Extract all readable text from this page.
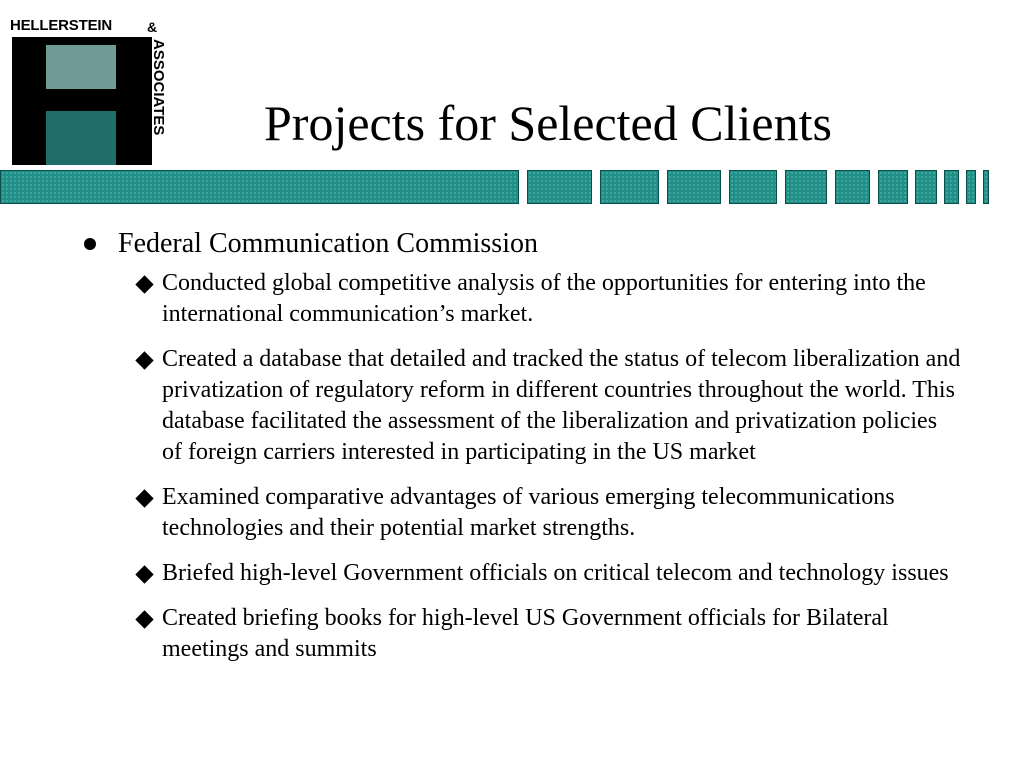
HELLERSTEIN	&
ASSOCIATES Projects for Selected Clients
Federal Communication Commission
Conducted global competitive analysis of the opportunities for entering into the international communication’s market.
Created a database that detailed and tracked the status of telecom liberalization and privatization of regulatory reform in different countries throughout the world. This database facilitated the assessment of the liberalization and privatization policies of foreign carriers interested in participating in the US market
Examined comparative advantages of various emerging telecommunications technologies and their potential market strengths.
Briefed high-level Government officials on critical telecom and technology issues
Created briefing books for high-level US Government officials for Bilateral meetings and summits
